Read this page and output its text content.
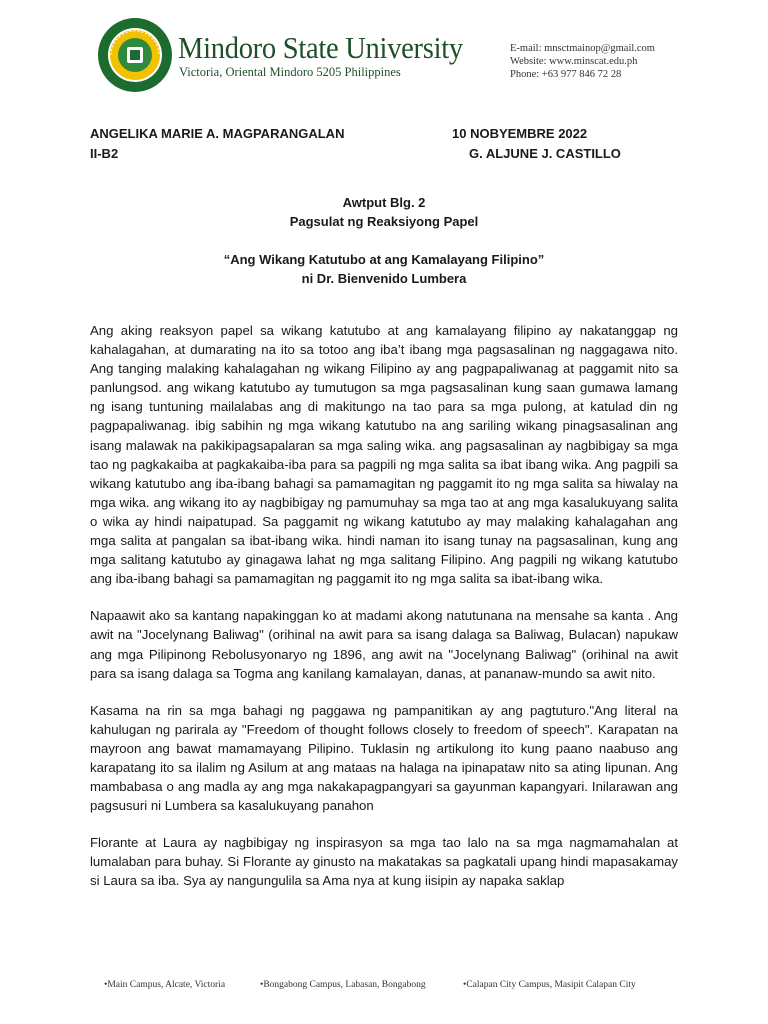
Mindoro State University
Victoria, Oriental Mindoro 5205 Philippines
E-mail: mnsctmainop@gmail.com
Website: www.minscat.edu.ph
Phone: +63 977 846 72 28
ANGELIKA MARIE A. MAGPARANGALAN	10 NOBYEMBRE 2022
II-B2	G. ALJUNE J. CASTILLO
Awtput Blg. 2
Pagsulat ng Reaksiyong Papel
“Ang Wikang Katutubo at ang Kamalayang Filipino”
ni Dr. Bienvenido Lumbera

Ang aking reaksyon papel sa wikang katutubo at ang kamalayang filipino ay nakatanggap ng kahalagahan, at dumarating na ito sa totoo ang iba’t ibang mga pagsasalinan ng naggagawa nito. Ang tanging malaking kahalagahan ng wikang Filipino ay ang pagpapaliwanag at paggamit nito sa panlungsod. ang wikang katutubo ay tumutugon sa mga pagsasalinan kung saan gumawa lamang ng isang tuntuning mailalabas ang di makitungo na tao para sa mga pulong, at katulad din ng pagpapaliwanag. ibig sabihin ng mga wikang katutubo na ang sariling wikang pinagsasalinan ang isang malawak na pakikipagsapalaran sa mga saling wika. ang pagsasalinan ay nagbibigay sa mga tao ng pagkakaiba at pagkakaiba-iba para sa pagpili ng mga salita sa ibat ibang wika. Ang pagpili sa wikang katutubo ang iba-ibang bahagi sa pamamagitan ng paggamit ito ng mga salita sa hiwalay na mga wika. ang wikang ito ay nagbibigay ng pamumuhay sa mga tao at ang mga kasalukuyang salita o wika ay hindi naipatupad. Sa paggamit ng wikang katutubo ay may malaking kahalagahan ang mga salita at pangalan sa ibat-ibang wika. hindi naman ito isang tunay na pagsasalinan, kung ang mga salitang katutubo ay ginagawa lahat ng mga salitang Filipino. Ang pagpili ng wikang katutubo ang iba-ibang bahagi sa pamamagitan ng paggamit ito ng mga salita sa ibat-ibang wika.

Napaawit ako sa kantang napakinggan ko at madami akong natutunana na mensahe sa kanta . Ang awit na "Jocelynang Baliwag" (orihinal na awit para sa isang dalaga sa Baliwag, Bulacan) napukaw ang mga Pilipinong Rebolusyonaryo ng 1896, ang awit na "Jocelynang Baliwag" (orihinal na awit para sa isang dalaga sa Togma ang kanilang kamalayan, danas, at pananaw-mundo sa awit nito.

Kasama na rin sa mga bahagi ng paggawa ng pampanitikan ay ang pagtuturo."Ang literal na kahulugan ng parirala ay "Freedom of thought follows closely to freedom of speech". Karapatan na mayroon ang bawat mamamayang Pilipino. Tuklasin ng artikulong ito kung paano naabuso ang karapatang ito sa ilalim ng Asilum at ang mataas na halaga na ipinapataw nito sa ating lipunan. Ang mambabasa o ang madla ay ang mga nakakapagpangyari sa gayunman kapangyari. Inilarawan ang pagsusuri ni Lumbera sa kasalukuyang panahon

Florante at Laura ay nagbibigay ng inspirasyon sa mga tao lalo na sa mga nagmamahalan at lumalaban para buhay. Si Florante ay ginusto na makatakas sa pagkatali upang hindi mapasakamay si Laura sa iba. Sya ay nangungulila sa Ama nya at kung iisipin ay napaka saklap

•Main Campus, Alcate, Victoria	•Bongabong Campus, Labasan, Bongabong	•Calapan City Campus, Masipit Calapan City
